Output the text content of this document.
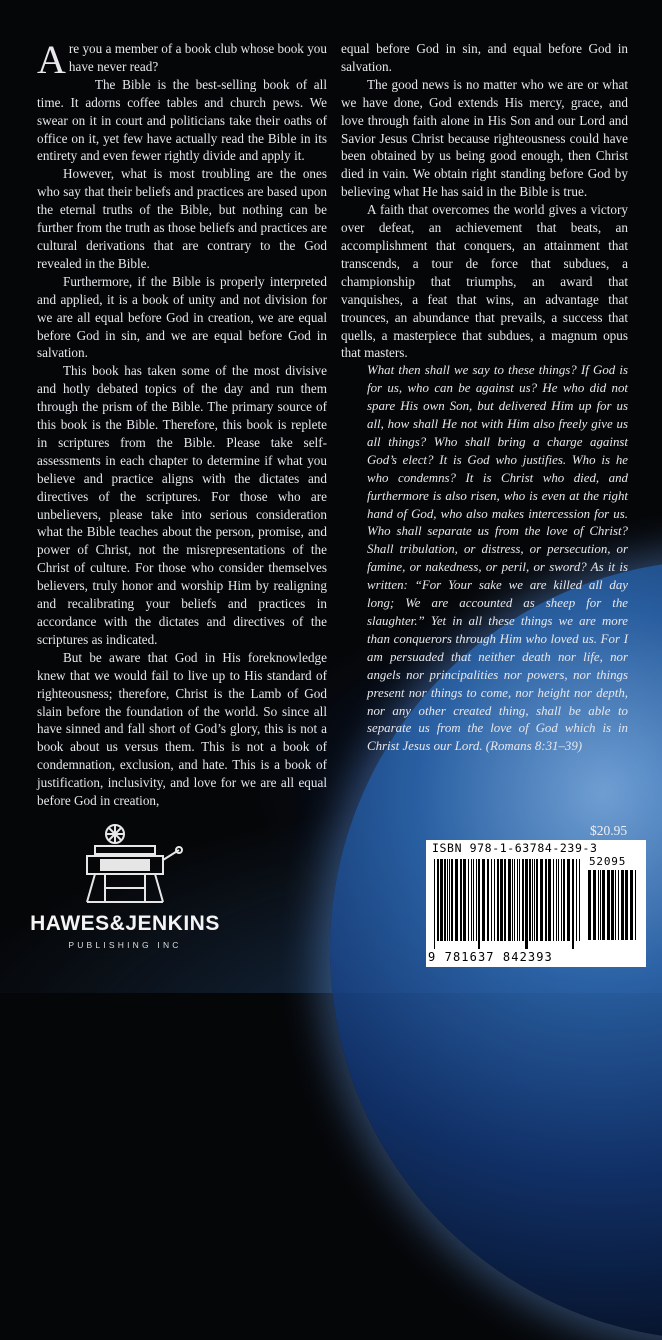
Are you a member of a book club whose book you have never read?

The Bible is the best-selling book of all time. It adorns coffee tables and church pews. We swear on it in court and politicians take their oaths of office on it, yet few have actually read the Bible in its entirety and even fewer rightly divide and apply it.

However, what is most troubling are the ones who say that their beliefs and practices are based upon the eternal truths of the Bible, but nothing can be further from the truth as those beliefs and practices are cultural derivations that are contrary to the God revealed in the Bible.

Furthermore, if the Bible is properly interpreted and applied, it is a book of unity and not division for we are all equal before God in creation, we are equal before God in sin, and we are equal before God in salvation.

This book has taken some of the most divisive and hotly debated topics of the day and run them through the prism of the Bible. The primary source of this book is the Bible. Therefore, this book is replete in scriptures from the Bible. Please take self-assessments in each chapter to determine if what you believe and practice aligns with the dictates and directives of the scriptures. For those who are unbelievers, please take into serious consideration what the Bible teaches about the person, promise, and power of Christ, not the misrepresentations of the Christ of culture. For those who consider themselves believers, truly honor and worship Him by realigning and recalibrating your beliefs and practices in accordance with the dictates and directives of the scriptures as indicated.

But be aware that God in His foreknowledge knew that we would fail to live up to His standard of righteousness; therefore, Christ is the Lamb of God slain before the foundation of the world. So since all have sinned and fall short of God’s glory, this is not a book about us versus them. This is not a book of condemnation, exclusion, and hate. This is a book of justification, inclusivity, and love for we are all equal before God in creation,

equal before God in sin, and equal before God in salvation.

The good news is no matter who we are or what we have done, God extends His mercy, grace, and love through faith alone in His Son and our Lord and Savior Jesus Christ because righteousness could have been obtained by us being good enough, then Christ died in vain. We obtain right standing before God by believing what He has said in the Bible is true.

A faith that overcomes the world gives a victory over defeat, an achievement that beats, an accomplishment that conquers, an attainment that transcends, a tour de force that subdues, a championship that triumphs, an award that vanquishes, a feat that wins, an advantage that trounces, an abundance that prevails, a success that quells, a masterpiece that subdues, a magnum opus that masters.

What then shall we say to these things? If God is for us, who can be against us? He who did not spare His own Son, but delivered Him up for us all, how shall He not with Him also freely give us all things? Who shall bring a charge against God’s elect? It is God who justifies. Who is he who condemns? It is Christ who died, and furthermore is also risen, who is even at the right hand of God, who also makes intercession for us. Who shall separate us from the love of Christ? Shall tribulation, or distress, or persecution, or famine, or nakedness, or peril, or sword? As it is written: “For Your sake we are killed all day long; We are accounted as sheep for the slaughter.” Yet in all these things we are more than conquerors through Him who loved us. For I am persuaded that neither death nor life, nor angels nor principalities nor powers, nor things present nor things to come, nor height nor depth, nor any other created thing, shall be able to separate us from the love of God which is in Christ Jesus our Lord. (Romans 8:31–39)

HAWES&JENKINS
PUBLISHING INC
$20.95
ISBN 978-1-63784-239-3
52095
9 781637 842393
